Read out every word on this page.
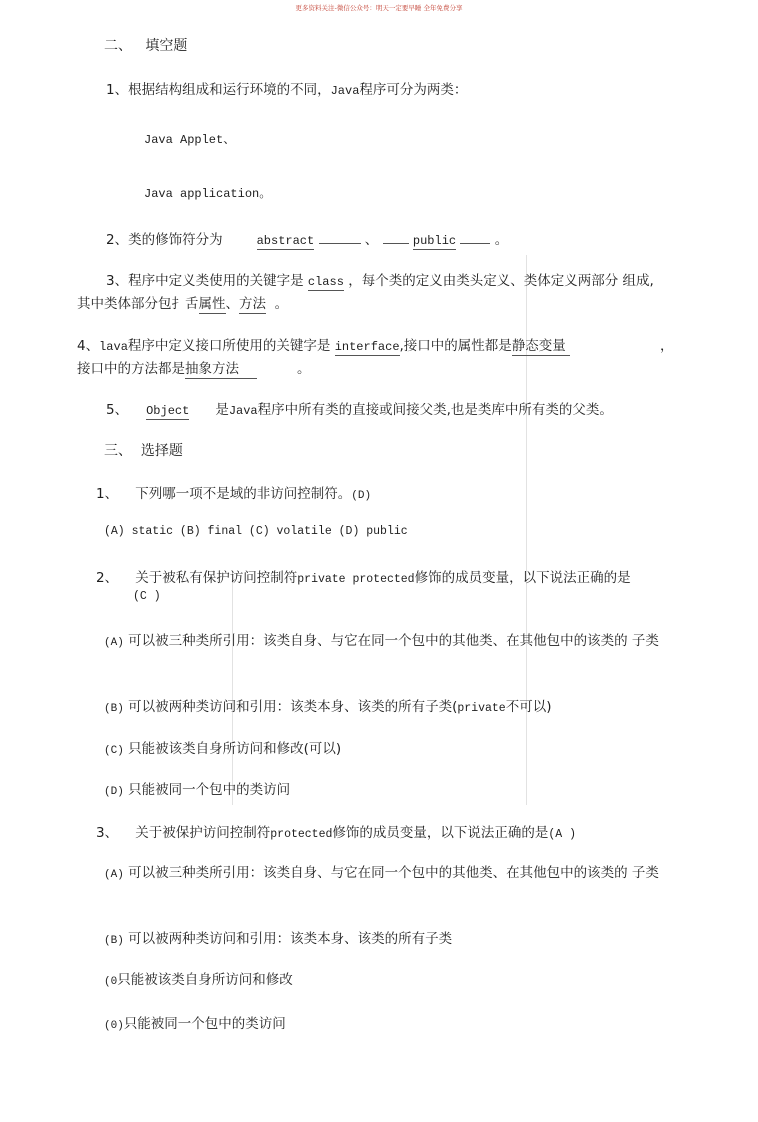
更多资料关注-微信公众号：明天一定要早睡 全年免费分享
二、 填空题
1、根据结构组成和运行环境的不同，Java程序可分为两类：
Java Applet、
Java application。
2、类的修饰符分为	abstract	、	public	。
3、程序中定义类使用的关键字是 class ，每个类的定义由类头定义、类体定义两部分 组成,
其中类体部分包扌舌属性、方法 。
4、lava程序中定义接口所使用的关键字是 interface,接口中的属性都是静态变量	，
接口中的方法都是抽象方法	。
5、 Object 是Java程序中所有类的直接或间接父类,也是类库中所有类的父类。
三、 选择题
1、 下列哪一项不是域的非访问控制符。(D)
(A) static (B) final (C) volatile (D) public
2、 关于被私有保护访问控制符private protected修饰的成员变量，以下说法正确的是
(C )
(A) 可以被三种类所引用：该类自身、与它在同一个包中的其他类、在其他包中的该类的 子类
(B) 可以被两种类访问和引用：该类本身、该类的所有子类(private不可以)
(C) 只能被该类自身所访问和修改(可以)
(D) 只能被同一个包中的类访问
3、 关于被保护访问控制符protected修饰的成员变量，以下说法正确的是(A )
(A) 可以被三种类所引用：该类自身、与它在同一个包中的其他类、在其他包中的该类的 子类
(B) 可以被两种类访问和引用：该类本身、该类的所有子类
(0只能被该类自身所访问和修改
(0)只能被同一个包中的类访问
